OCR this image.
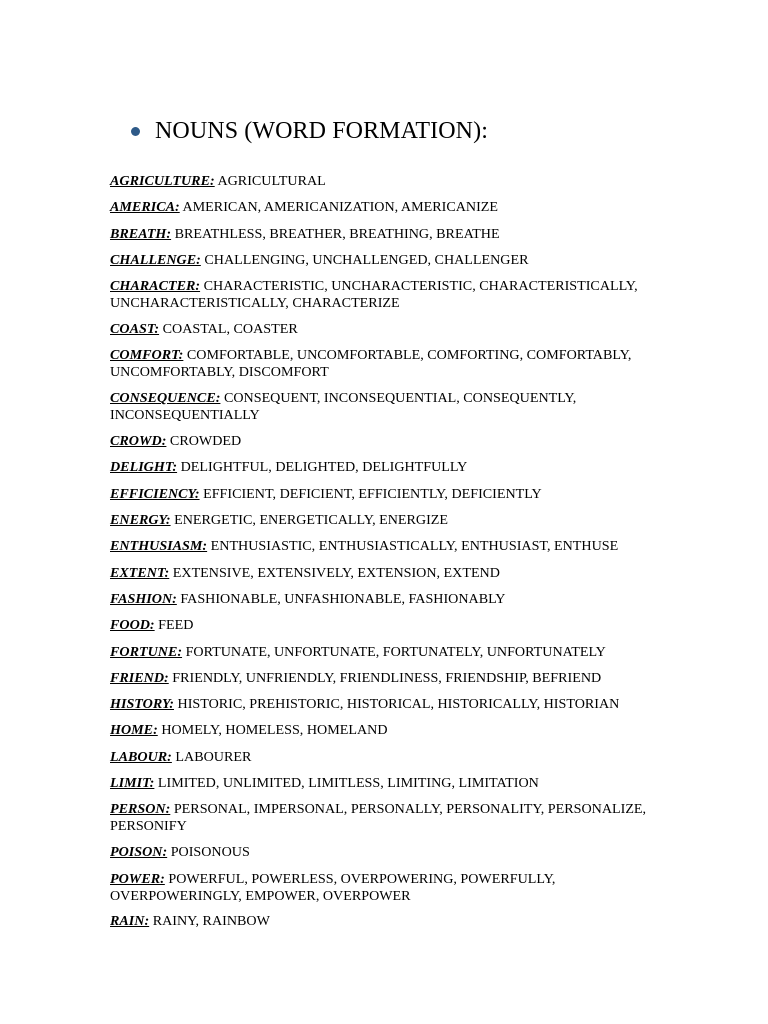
NOUNS (WORD FORMATION):
AGRICULTURE: AGRICULTURAL
AMERICA: AMERICAN, AMERICANIZATION, AMERICANIZE
BREATH: BREATHLESS, BREATHER, BREATHING, BREATHE
CHALLENGE: CHALLENGING, UNCHALLENGED, CHALLENGER
CHARACTER: CHARACTERISTIC, UNCHARACTERISTIC, CHARACTERISTICALLY, UNCHARACTERISTICALLY, CHARACTERIZE
COAST: COASTAL, COASTER
COMFORT: COMFORTABLE, UNCOMFORTABLE, COMFORTING, COMFORTABLY, UNCOMFORTABLY, DISCOMFORT
CONSEQUENCE: CONSEQUENT, INCONSEQUENTIAL, CONSEQUENTLY, INCONSEQUENTIALLY
CROWD: CROWDED
DELIGHT: DELIGHTFUL, DELIGHTED, DELIGHTFULLY
EFFICIENCY: EFFICIENT, DEFICIENT, EFFICIENTLY, DEFICIENTLY
ENERGY: ENERGETIC, ENERGETICALLY, ENERGIZE
ENTHUSIASM: ENTHUSIASTIC, ENTHUSIASTICALLY, ENTHUSIAST, ENTHUSE
EXTENT: EXTENSIVE, EXTENSIVELY, EXTENSION, EXTEND
FASHION: FASHIONABLE, UNFASHIONABLE, FASHIONABLY
FOOD: FEED
FORTUNE: FORTUNATE, UNFORTUNATE, FORTUNATELY, UNFORTUNATELY
FRIEND: FRIENDLY, UNFRIENDLY, FRIENDLINESS, FRIENDSHIP, BEFRIEND
HISTORY: HISTORIC, PREHISTORIC, HISTORICAL, HISTORICALLY, HISTORIAN
HOME: HOMELY, HOMELESS, HOMELAND
LABOUR: LABOURER
LIMIT: LIMITED, UNLIMITED, LIMITLESS, LIMITING, LIMITATION
PERSON: PERSONAL, IMPERSONAL, PERSONALLY, PERSONALITY, PERSONALIZE, PERSONIFY
POISON: POISONOUS
POWER: POWERFUL, POWERLESS, OVERPOWERING, POWERFULLY, OVERPOWERINGLY, EMPOWER, OVERPOWER
RAIN: RAINY, RAINBOW
